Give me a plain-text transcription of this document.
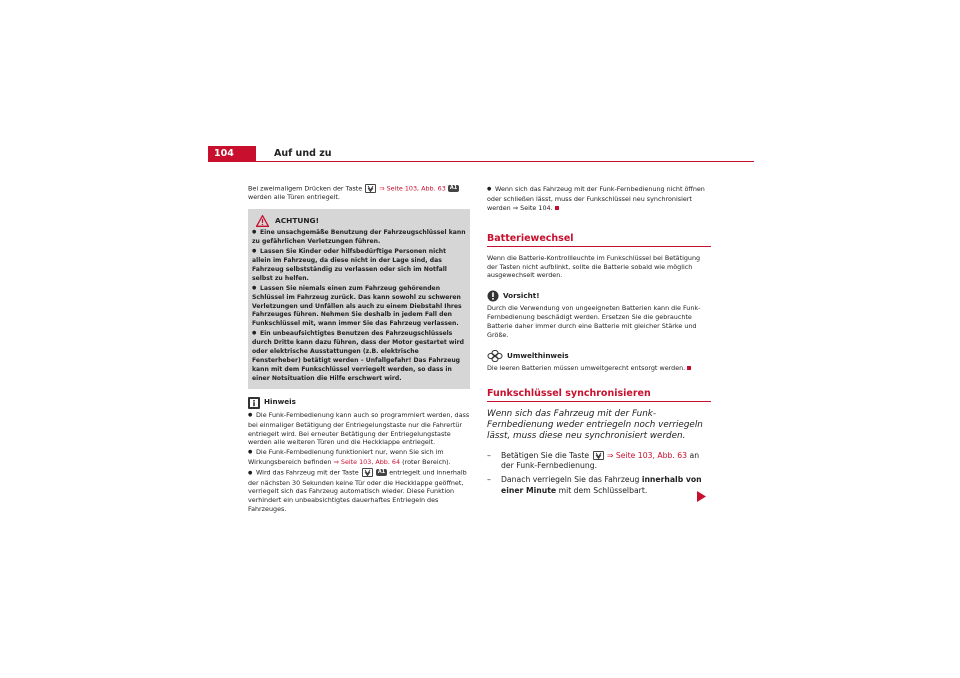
104	Auf und zu

Bei zweimaligem Drücken der Taste	⇒ Seite 103, Abb. 63 A1 werden alle Türen entriegelt.

ACHTUNG!

●Eine unsachgemäße Benutzung der Fahrzeugschlüssel kann zu gefährlichen Verletzungen führen.

●Lassen Sie Kinder oder hilfsbedürftige Personen nicht allein im Fahrzeug, da diese nicht in der Lage sind, das Fahrzeug selbstständig zu verlassen oder sich im Notfall selbst zu helfen.

●Lassen Sie niemals einen zum Fahrzeug gehörenden Schlüssel im Fahrzeug zurück. Das kann sowohl zu schweren Verletzungen und Unfällen als auch zu einem Diebstahl Ihres Fahrzeuges führen. Nehmen Sie deshalb in jedem Fall den Funkschlüssel mit, wann immer Sie das Fahrzeug verlassen.

●Ein unbeaufsichtigtes Benutzen des Fahrzeugschlüssels durch Dritte kann dazu führen, dass der Motor gestartet wird oder elektrische Ausstattungen (z.B. elektrische Fensterheber) betätigt werden – Unfallgefahr! Das Fahrzeug kann mit dem Funkschlüssel verriegelt werden, so dass in einer Notsituation die Hilfe erschwert wird.

Hinweis

●Die Funk-Fernbedienung kann auch so programmiert werden, dass bei einmaliger Betätigung der Entriegelungstaste nur die Fahrertür entriegelt wird. Bei erneuter Betätigung der Entriegelungstaste werden alle weiteren Türen und die Heckklappe entriegelt.

●Die Funk-Fernbedienung funktioniert nur, wenn Sie sich im Wirkungsbereich befinden ⇒ Seite 103, Abb. 64 (roter Bereich).

●Wird das Fahrzeug mit der Taste	A1 entriegelt und innerhalb der nächsten 30 Sekunden keine Tür oder die Heckklappe geöffnet, verriegelt sich das Fahrzeug automatisch wieder. Diese Funktion verhindert ein unbeabsichtigtes dauerhaftes Entriegeln des Fahrzeuges.

●Wenn sich das Fahrzeug mit der Funk-Fernbedienung nicht öffnen oder schließen lässt, muss der Funkschlüssel neu synchronisiert werden ⇒ Seite 104.

Batteriewechsel

Wenn die Batterie-Kontrollleuchte im Funkschlüssel bei Betätigung der Tasten nicht aufblinkt, sollte die Batterie sobald wie möglich ausgewechselt werden.

Vorsicht!

Durch die Verwendung von ungeeigneten Batterien kann die Funk-Fernbedienung beschädigt werden. Ersetzen Sie die gebrauchte Batterie daher immer durch eine Batterie mit gleicher Stärke und Größe.

Umwelthinweis

Die leeren Batterien müssen umweltgerecht entsorgt werden.

Funkschlüssel synchronisieren

Wenn sich das Fahrzeug mit der Funk-Fernbedienung weder entriegeln noch verriegeln lässt, muss diese neu synchronisiert werden.

– Betätigen Sie die Taste ⇒ Seite 103, Abb. 63 an der Funk-Fernbedienung.

– Danach verriegeln Sie das Fahrzeug innerhalb von einer Minute mit dem Schlüsselbart.
